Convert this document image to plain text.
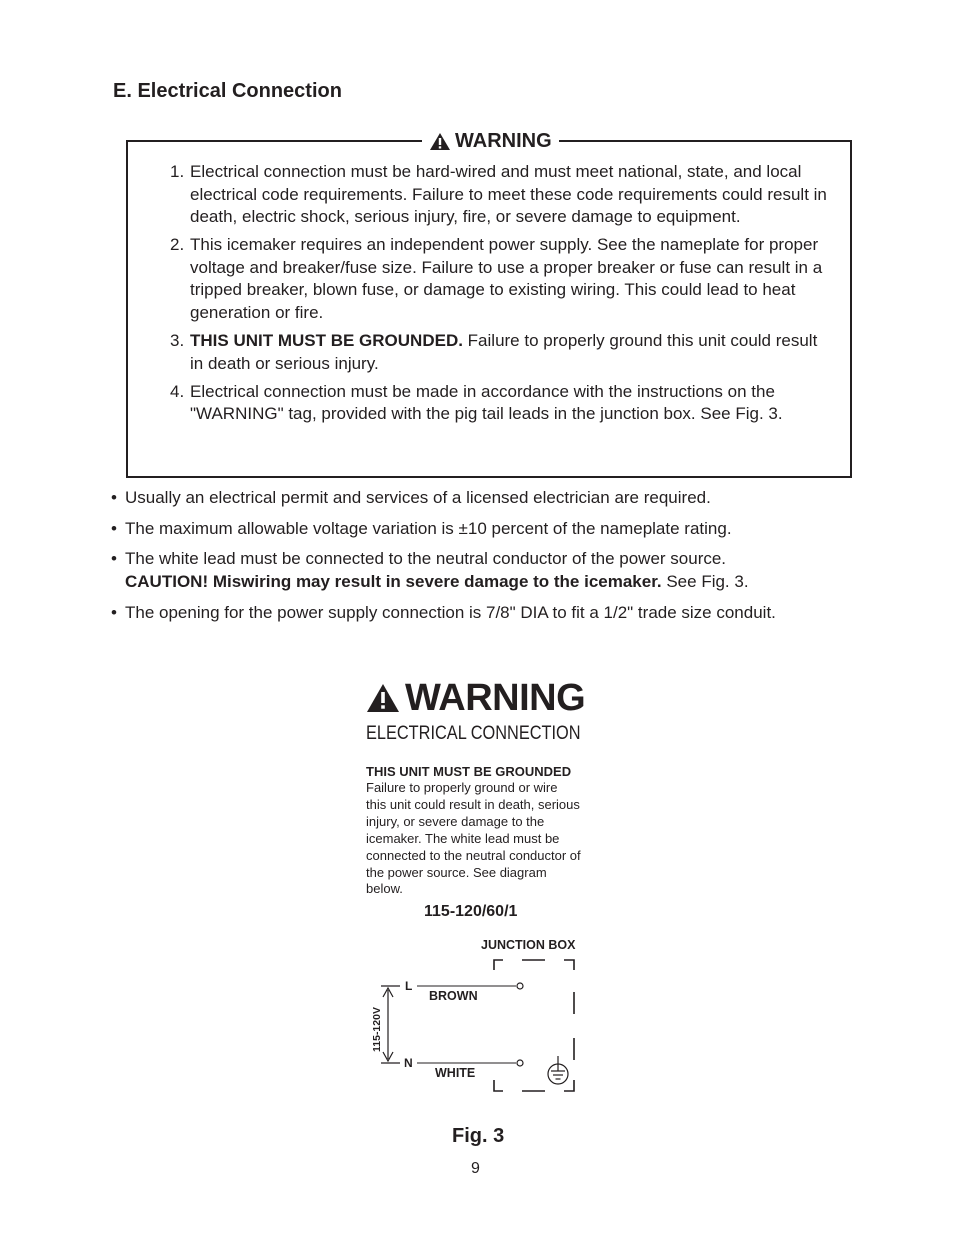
E. Electrical Connection
WARNING
1. Electrical connection must be hard-wired and must meet national, state, and local electrical code requirements. Failure to meet these code requirements could result in death, electric shock, serious injury, fire, or severe damage to equipment.
2. This icemaker requires an independent power supply. See the nameplate for proper voltage and breaker/fuse size. Failure to use a proper breaker or fuse can result in a tripped breaker, blown fuse, or damage to existing wiring. This could lead to heat generation or fire.
3. THIS UNIT MUST BE GROUNDED. Failure to properly ground this unit could result in death or serious injury.
4. Electrical connection must be made in accordance with the instructions on the "WARNING" tag, provided with the pig tail leads in the junction box. See Fig. 3.
• Usually an electrical permit and services of a licensed electrician are required.
• The maximum allowable voltage variation is ±10 percent of the nameplate rating.
• The white lead must be connected to the neutral conductor of the power source.
CAUTION! Miswiring may result in severe damage to the icemaker. See Fig. 3.
• The opening for the power supply connection is 7/8" DIA to fit a 1/2" trade size conduit.
WARNING
ELECTRICAL CONNECTION
THIS UNIT MUST BE GROUNDED
Failure to properly ground or wire this unit could result in death, serious injury, or severe damage to the icemaker. The white lead must be connected to the neutral conductor of the power source. See diagram below.
115-120/60/1
JUNCTION BOX
L
BROWN
N
WHITE
115-120V
Fig. 3
9
